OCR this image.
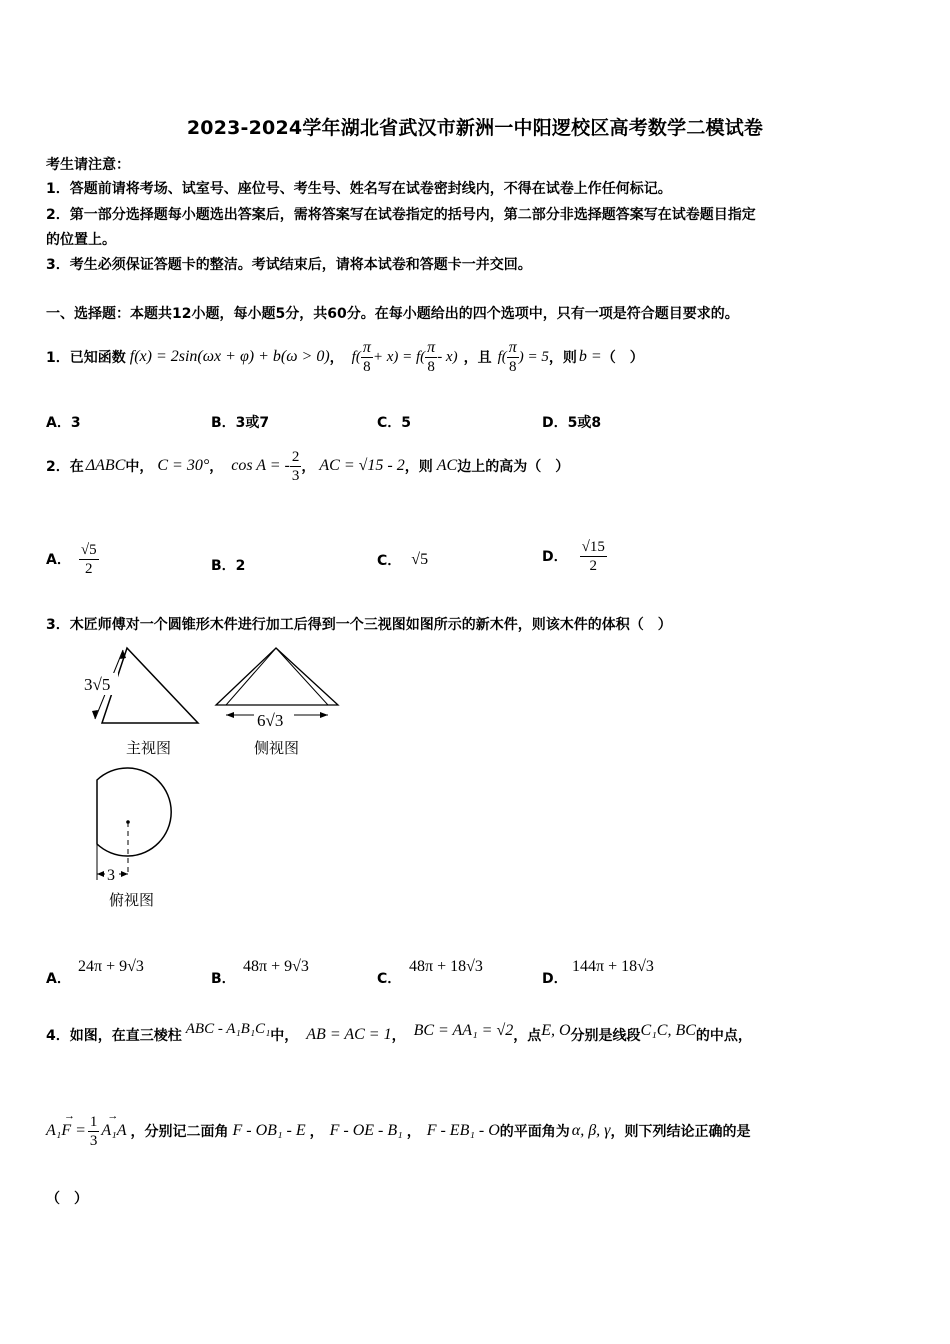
2023-2024学年湖北省武汉市新洲一中阳逻校区高考数学二模试卷
考生请注意：
1．答题前请将考场、试室号、座位号、考生号、姓名写在试卷密封线内，不得在试卷上作任何标记。
2．第一部分选择题每小题选出答案后，需将答案写在试卷指定的括号内，第二部分非选择题答案写在试卷题目指定
的位置上。
3．考生必须保证答题卡的整洁。考试结束后，请将本试卷和答题卡一并交回。
一、选择题：本题共12小题，每小题5分，共60分。在每小题给出的四个选项中，只有一项是符合题目要求的。
1．已知函数 f(x) = 2sin(ωx + φ) + b(ω > 0) ， $f( \frac{\pi}{8} + x) = f( \frac{\pi}{8} - x)$ ，且 $f( \frac{\pi}{8}$ ) = 5 ，则 b = （　）
A．3	B．3或7	C．5	D．5或8
2．在 ΔABC 中， C = 30° ， cos A = - $\frac{2}{3}$ ， AC = √15 - 2 ，则 AC 边上的高为（　）
A． $\frac{√5}{2}$	B．2	C． √5	D． $\frac{√15}{2}$
3．木匠师傅对一个圆锥形木件进行加工后得到一个三视图如图所示的新木件，则该木件的体积（　）
3√5
主视图
6√3
侧视图
3
俯视图
A．
24π + 9√3
B．
48π + 9√3
C．
48π + 18√3
D．
144π + 18√3
4．如图，在直三棱柱 ABC - A₁B₁C₁ 中， AB = AC = 1 ， BC = AA₁ = √2 ，点 E, O 分别是线段 C₁C, BC 的中点，
A₁F =
→ $\frac{1}{3} A_1A$
→
，分别记二面角 F - OB₁ - E ， F - OE - B₁ ， F - EB₁ - O 的平面角为 α, β, γ ，则下列结论正确的是
（　）
